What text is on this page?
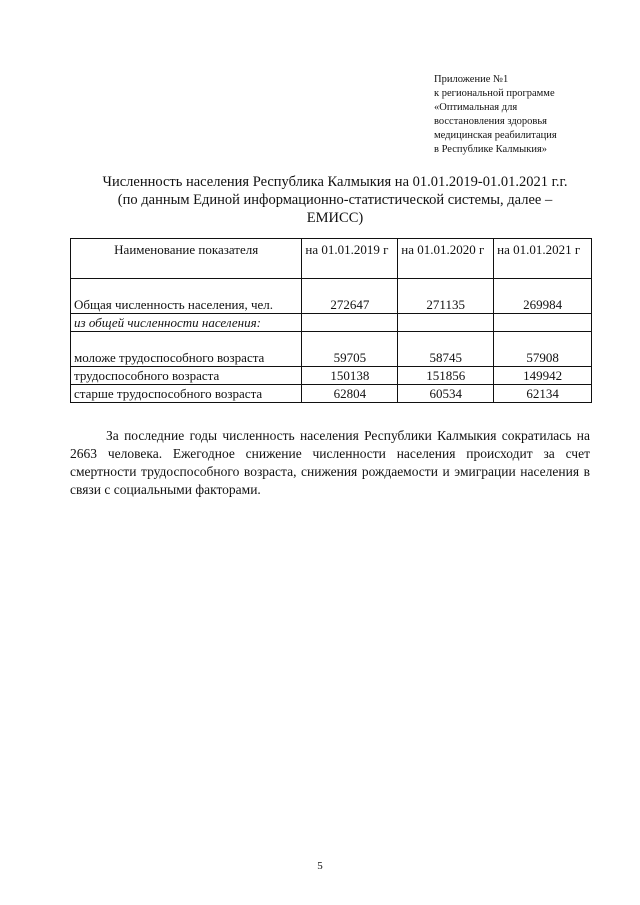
Приложение №1
к региональной программе
«Оптимальная для
восстановления здоровья
медицинская реабилитация
в Республике Калмыкия»
Численность населения Республика Калмыкия на 01.01.2019-01.01.2021 г.г.
(по данным Единой информационно-статистической системы, далее –
ЕМИСС)
Наименование показателя	на 01.01.2019 г	на 01.01.2020 г	на 01.01.2021 г
Общая численность населения, чел.	272647	271135	269984
из общей численности населения:			
моложе трудоспособного возраста	59705	58745	57908
трудоспособного возраста	150138	151856	149942
старше трудоспособного возраста	62804	60534	62134
За последние годы численность населения Республики Калмыкия сократилась на 2663 человека. Ежегодное снижение численности населения происходит за счет смертности трудоспособного возраста, снижения рождаемости и эмиграции населения в связи с социальными факторами.
5
